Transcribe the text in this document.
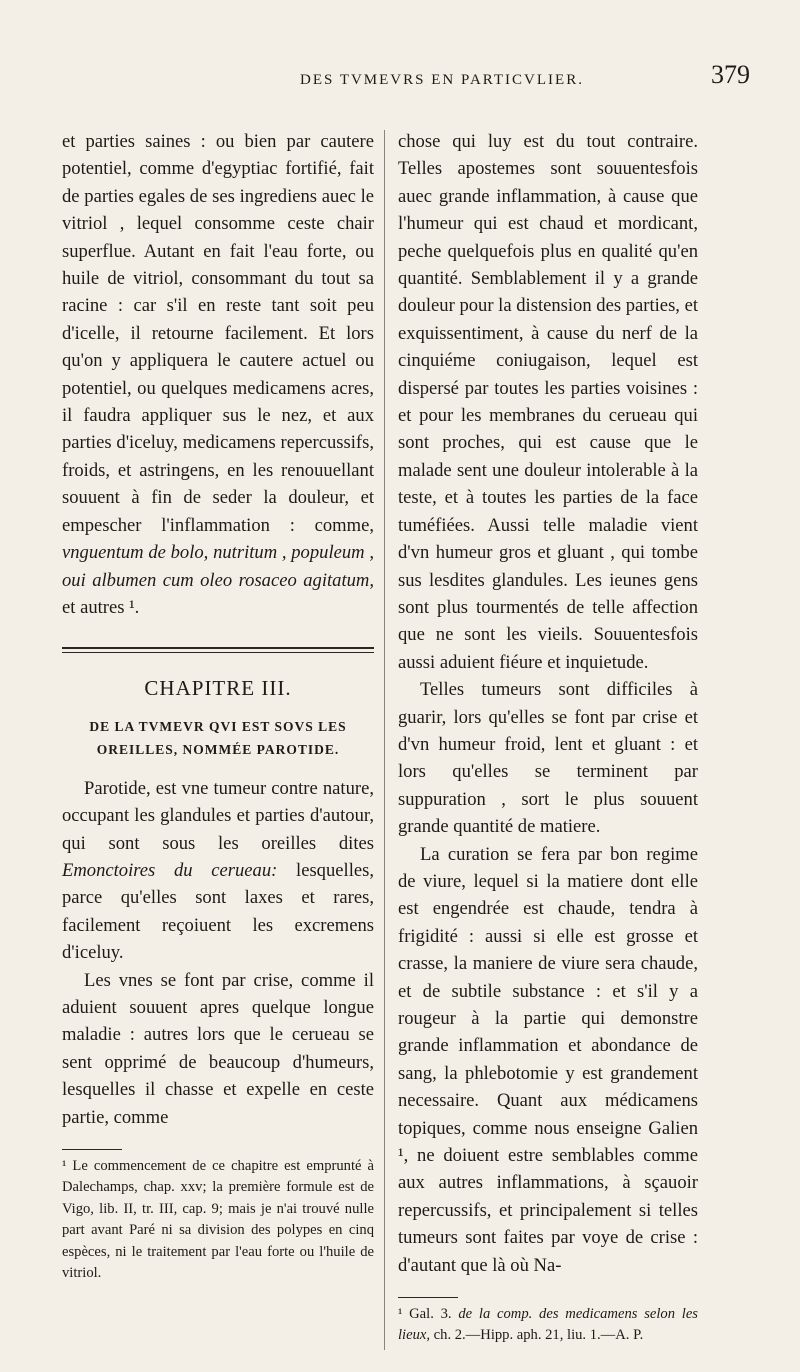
DES TVMEVRS EN PARTICVLIER.	379

et parties saines : ou bien par cautere potentiel, comme d'egyptiac fortifié, fait de parties egales de ses ingrediens auec le vitriol , lequel consomme ceste chair superflue. Autant en fait l'eau forte, ou huile de vitriol, consommant du tout sa racine : car s'il en reste tant soit peu d'icelle, il retourne facilement. Et lors qu'on y appliquera le cautere actuel ou potentiel, ou quelques medicamens acres, il faudra appliquer sus le nez, et aux parties d'iceluy, medicamens repercussifs, froids, et astringens, en les renouuellant souuent à fin de seder la douleur, et empescher l'inflammation : comme, vnguentum de bolo, nutritum , populeum , oui albumen cum oleo rosaceo agitatum, et autres ¹.

CHAPITRE III.
DE LA TVMEVR QVI EST SOVS LES OREILLES, NOMMÉE PAROTIDE.

Parotide, est vne tumeur contre nature, occupant les glandules et parties d'autour, qui sont sous les oreilles dites Emonctoires du cerueau: lesquelles, parce qu'elles sont laxes et rares, facilement reçoiuent les excremens d'iceluy.

Les vnes se font par crise, comme il aduient souuent apres quelque longue maladie : autres lors que le cerueau se sent opprimé de beaucoup d'humeurs, lesquelles il chasse et expelle en ceste partie, comme

¹ Le commencement de ce chapitre est emprunté à Dalechamps, chap. xxv; la première formule est de Vigo, lib. II, tr. III, cap. 9; mais je n'ai trouvé nulle part avant Paré ni sa division des polypes en cinq espèces, ni le traitement par l'eau forte ou l'huile de vitriol.

chose qui luy est du tout contraire. Telles apostemes sont souuentesfois auec grande inflammation, à cause que l'humeur qui est chaud et mordicant, peche quelquefois plus en qualité qu'en quantité. Semblablement il y a grande douleur pour la distension des parties, et exquissentiment, à cause du nerf de la cinquiéme coniugaison, lequel est dispersé par toutes les parties voisines : et pour les membranes du cerueau qui sont proches, qui est cause que le malade sent une douleur intolerable à la teste, et à toutes les parties de la face tuméfiées. Aussi telle maladie vient d'vn humeur gros et gluant , qui tombe sus lesdites glandules. Les ieunes gens sont plus tourmentés de telle affection que ne sont les vieils. Souuentesfois aussi aduient fiéure et inquietude.

Telles tumeurs sont difficiles à guarir, lors qu'elles se font par crise et d'vn humeur froid, lent et gluant : et lors qu'elles se terminent par suppuration , sort le plus souuent grande quantité de matiere.

La curation se fera par bon regime de viure, lequel si la matiere dont elle est engendrée est chaude, tendra à frigidité : aussi si elle est grosse et crasse, la maniere de viure sera chaude, et de subtile substance : et s'il y a rougeur à la partie qui demonstre grande inflammation et abondance de sang, la phlebotomie y est grandement necessaire. Quant aux médicamens topiques, comme nous enseigne Galien ¹, ne doiuent estre semblables comme aux autres inflammations, à sçauoir repercussifs, et principalement si telles tumeurs sont faites par voye de crise : d'autant que là où Na-

¹ Gal. 3. de la comp. des medicamens selon les lieux, ch. 2.—Hipp. aph. 21, liu. 1.—A. P.
